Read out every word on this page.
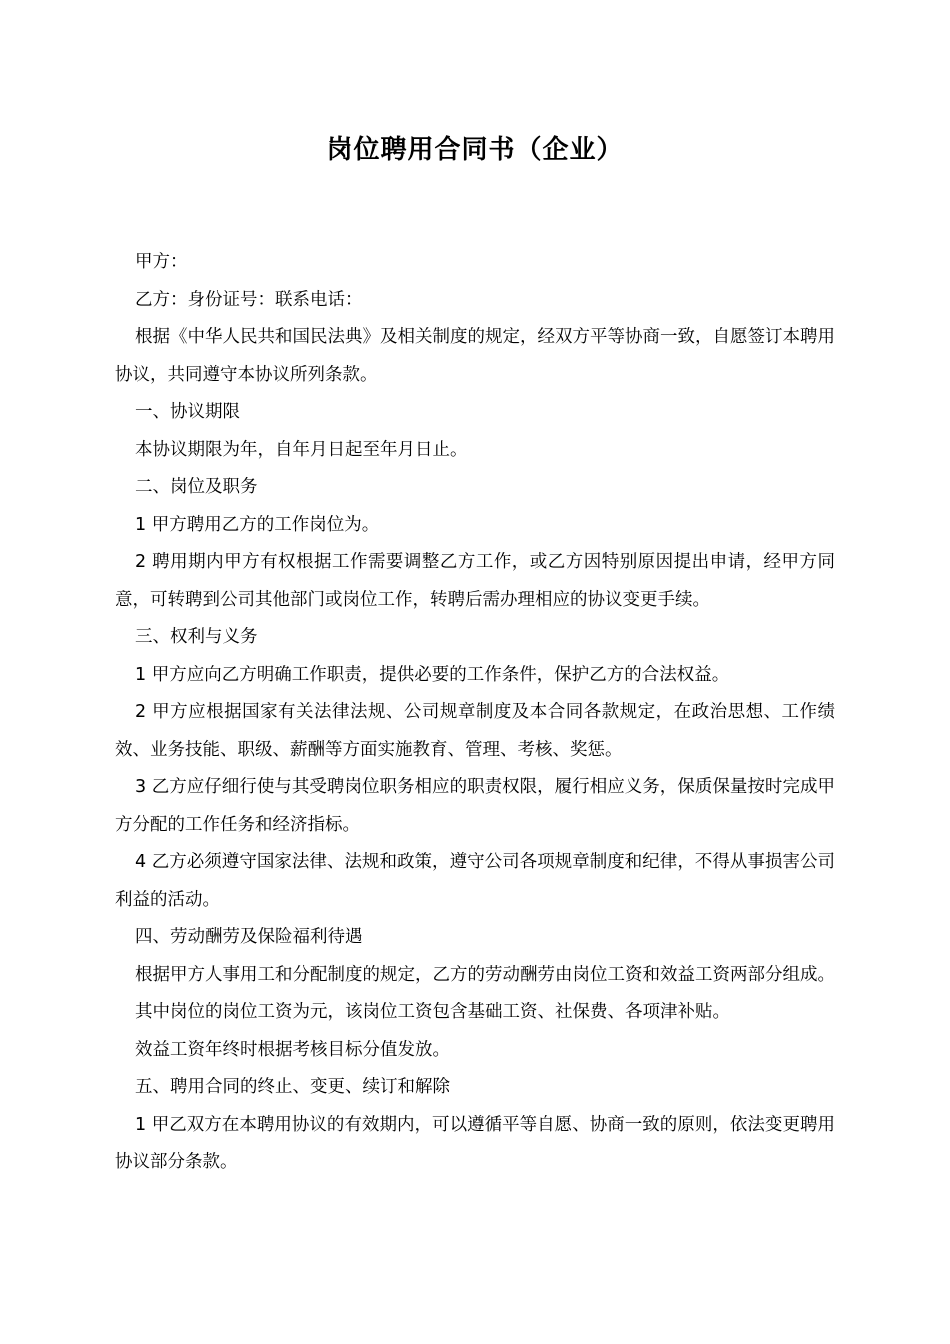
岗位聘用合同书（企业）

甲方：

乙方：身份证号：联系电话：

根据《中华人民共和国民法典》及相关制度的规定，经双方平等协商一致，自愿签订本聘用协议，共同遵守本协议所列条款。

一、协议期限

本协议期限为年，自年月日起至年月日止。

二、岗位及职务

1 甲方聘用乙方的工作岗位为。

2 聘用期内甲方有权根据工作需要调整乙方工作，或乙方因特别原因提出申请，经甲方同意，可转聘到公司其他部门或岗位工作，转聘后需办理相应的协议变更手续。

三、权利与义务

1 甲方应向乙方明确工作职责，提供必要的工作条件，保护乙方的合法权益。

2 甲方应根据国家有关法律法规、公司规章制度及本合同各款规定，在政治思想、工作绩效、业务技能、职级、薪酬等方面实施教育、管理、考核、奖惩。

3 乙方应仔细行使与其受聘岗位职务相应的职责权限，履行相应义务，保质保量按时完成甲方分配的工作任务和经济指标。

4 乙方必须遵守国家法律、法规和政策，遵守公司各项规章制度和纪律，不得从事损害公司利益的活动。

四、劳动酬劳及保险福利待遇

根据甲方人事用工和分配制度的规定，乙方的劳动酬劳由岗位工资和效益工资两部分组成。

其中岗位的岗位工资为元，该岗位工资包含基础工资、社保费、各项津补贴。

效益工资年终时根据考核目标分值发放。

五、聘用合同的终止、变更、续订和解除

1 甲乙双方在本聘用协议的有效期内，可以遵循平等自愿、协商一致的原则，依法变更聘用协议部分条款。
